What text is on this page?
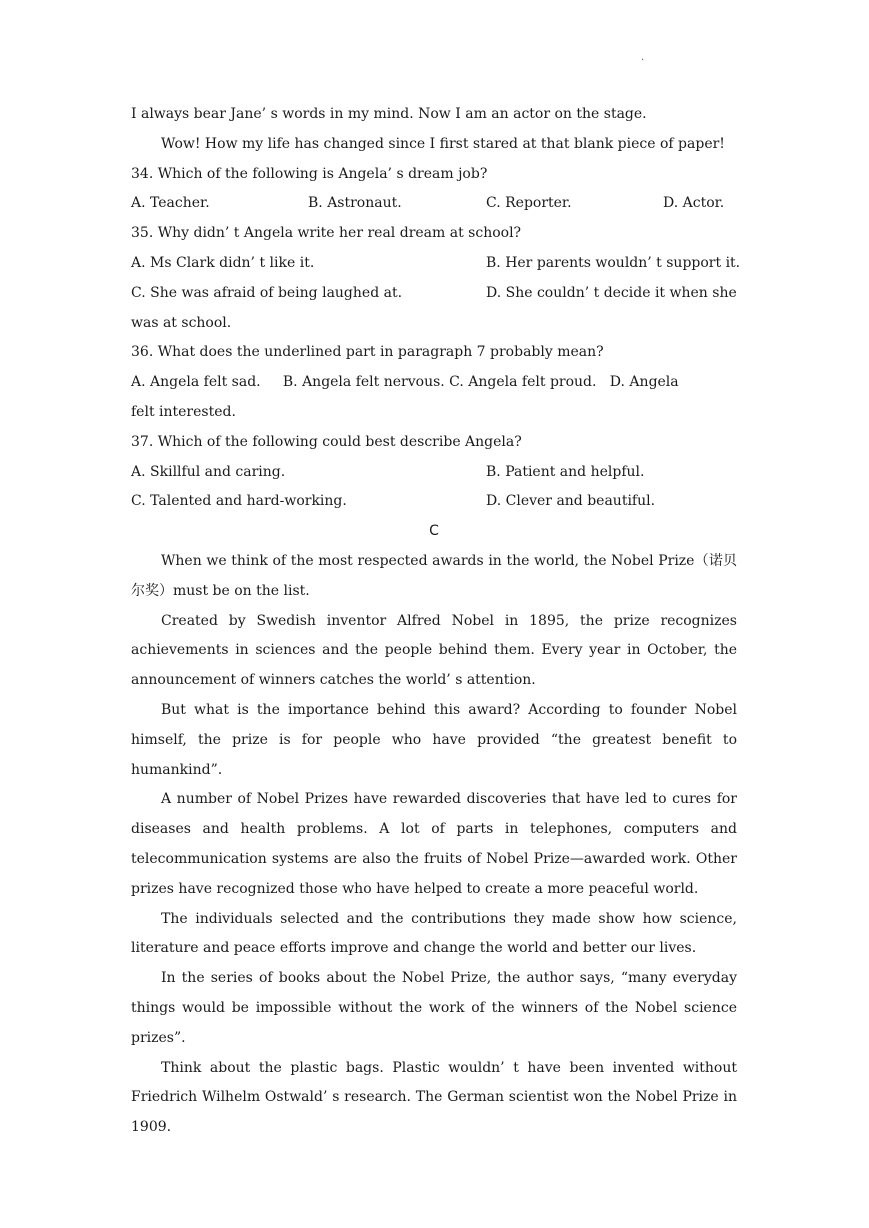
.

I always bear Jane’ s words in my mind. Now I am an actor on the stage.

Wow! How my life has changed since I first stared at that blank piece of paper!

34. Which of the following is Angela’ s dream job?

A. Teacher.	B. Astronaut.	C. Reporter.	D. Actor.

35. Why didn’ t Angela write her real dream at school?

A. Ms Clark didn’ t like it.	B. Her parents wouldn’ t support it.

C. She was afraid of being laughed at.	D. She couldn’ t decide it when she

was at school.

36. What does the underlined part in paragraph 7 probably mean?

A. Angela felt sad.     B. Angela felt nervous. C. Angela felt proud.   D. Angela

felt interested.

37. Which of the following could best describe Angela?

A. Skillful and caring.	B. Patient and helpful.

C. Talented and hard-working.	D. Clever and beautiful.

C

When we think of the most respected awards in the world, the Nobel Prize（诺贝尔奖）must be on the list.

Created by Swedish inventor Alfred Nobel in 1895, the prize recognizes achievements in sciences and the people behind them. Every year in October, the announcement of winners catches the world’ s attention.

But what is the importance behind this award? According to founder Nobel himself, the prize is for people who have provided “the greatest benefit to humankind”.

A number of Nobel Prizes have rewarded discoveries that have led to cures for diseases and health problems. A lot of parts in telephones, computers and telecommunication systems are also the fruits of Nobel Prize—awarded work. Other prizes have recognized those who have helped to create a more peaceful world.

The individuals selected and the contributions they made show how science, literature and peace efforts improve and change the world and better our lives.

In the series of books about the Nobel Prize, the author says, “many everyday things would be impossible without the work of the winners of the Nobel science prizes”.

Think about the plastic bags. Plastic wouldn’ t have been invented without Friedrich Wilhelm Ostwald’ s research. The German scientist won the Nobel Prize in 1909.
